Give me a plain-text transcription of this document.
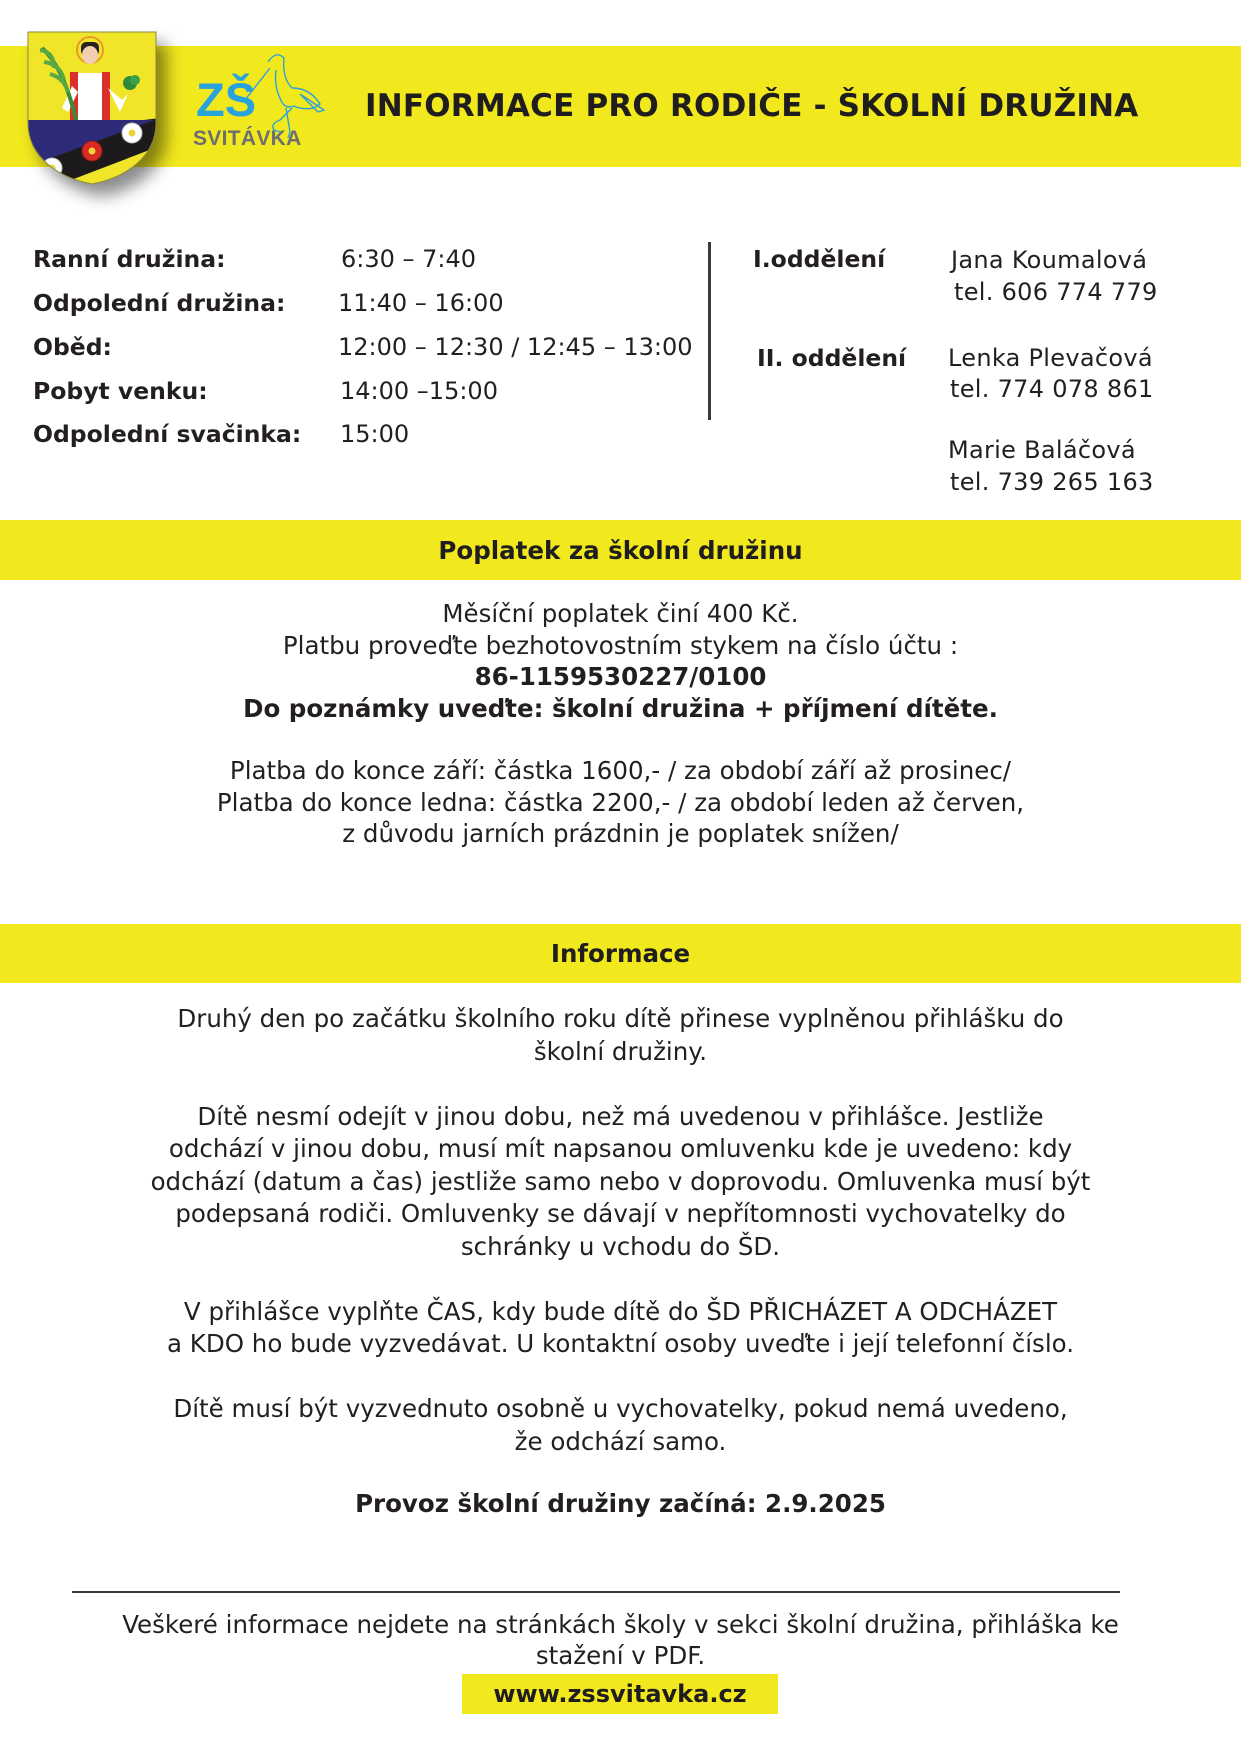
ZŠ
SVITÁVKA
INFORMACE PRO RODIČE - ŠKOLNÍ DRUŽINA
Ranní družina:	6:30 – 7:40
Odpolední družina: 11:40 – 16:00
Oběd:	12:00 – 12:30 / 12:45 – 13:00
Pobyt venku:	14:00 –15:00
Odpolední svačinka: 15:00
I.oddělení	Jana Koumalová
tel. 606 774 779
II. oddělení Lenka Plevačová
tel. 774 078 861
Marie Baláčová
tel. 739 265 163
Poplatek za školní družinu

Měsíční poplatek činí 400 Kč.

Platbu proveďte bezhotovostním stykem na číslo účtu :

86-1159530227/0100

Do poznámky uveďte: školní družina + příjmení dítěte.

Platba do konce září: částka 1600,- / za období září až prosinec/

Platba do konce ledna: částka 2200,- / za období leden až červen,

z důvodu jarních prázdnin je poplatek snížen/

Informace

Druhý den po začátku školního roku dítě přinese vyplněnou přihlášku do

školní družiny.

Dítě nesmí odejít v jinou dobu, než má uvedenou v přihlášce. Jestliže

odchází v jinou dobu, musí mít napsanou omluvenku kde je uvedeno: kdy

odchází (datum a čas) jestliže samo nebo v doprovodu. Omluvenka musí být

podepsaná rodiči. Omluvenky se dávají v nepřítomnosti vychovatelky do

schránky u vchodu do ŠD.

V přihlášce vyplňte ČAS, kdy bude dítě do ŠD PŘICHÁZET A ODCHÁZET

a KDO ho bude vyzvedávat. U kontaktní osoby uveďte i její telefonní číslo.

Dítě musí být vyzvednuto osobně u vychovatelky, pokud nemá uvedeno,

že odchází samo.

Provoz školní družiny začíná: 2.9.2025

Veškeré informace nejdete na stránkách školy v sekci školní družina, přihláška ke

stažení v PDF.

www.zssvitavka.cz
